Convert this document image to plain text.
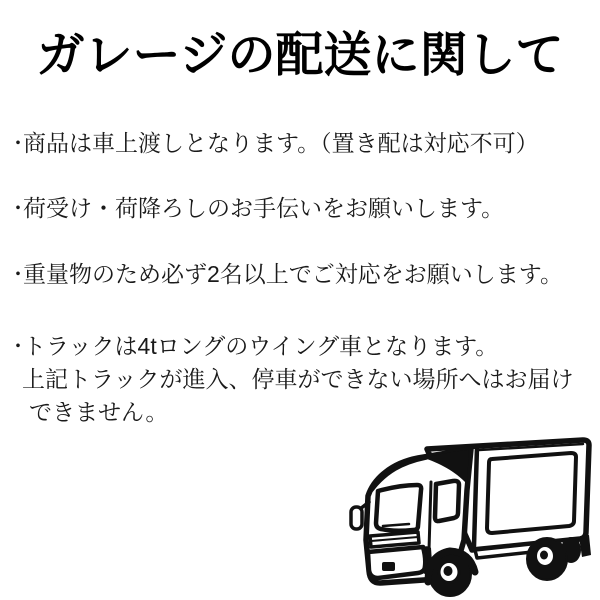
ガレージの配送に関して
・商品は車上渡しとなります。（置き配は対応不可）
・荷受け・荷降ろしのお手伝いをお願いします。
・重量物のため必ず2名以上でご対応をお願いします。
・トラックは4tロングのウイング車となります。
上記トラックが進入、停車ができない場所へはお届け
できません。
